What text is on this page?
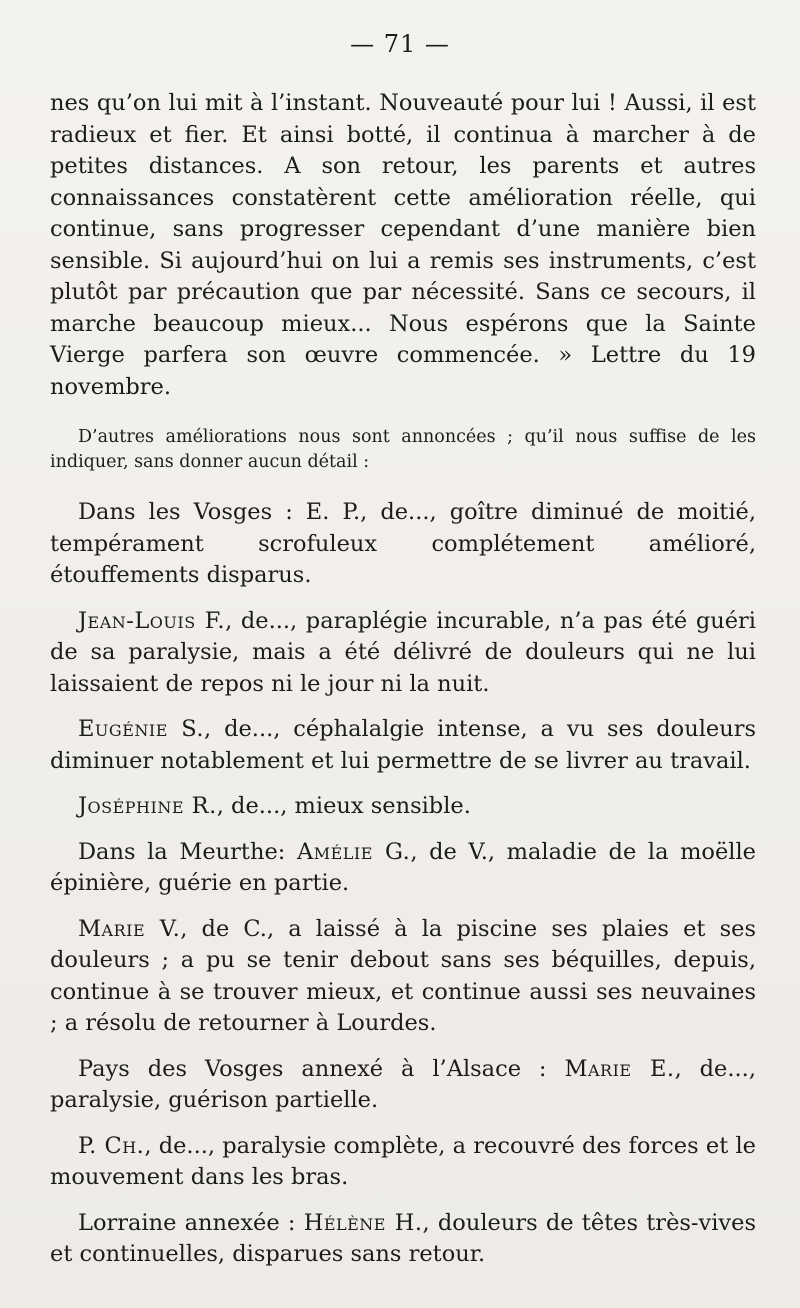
— 71 —

nes qu’on lui mit à l’instant. Nouveauté pour lui ! Aussi, il est radieux et fier. Et ainsi botté, il continua à marcher à de petites distances. A son retour, les parents et autres connaissances constatèrent cette amélioration réelle, qui continue, sans progresser cependant d’une manière bien sensible. Si aujourd’hui on lui a remis ses instruments, c’est plutôt par précaution que par nécessité. Sans ce secours, il marche beaucoup mieux... Nous espérons que la Sainte Vierge parfera son œuvre commencée. » Lettre du 19 novembre.

D’autres améliorations nous sont annoncées ; qu’il nous suffise de les indiquer, sans donner aucun détail :

Dans les Vosges : E. P., de..., goître diminué de moitié, tempérament scrofuleux complétement amélioré, étouffements disparus.

Jean-Louis F., de..., paraplégie incurable, n’a pas été guéri de sa paralysie, mais a été délivré de douleurs qui ne lui laissaient de repos ni le jour ni la nuit.

Eugénie S., de..., céphalalgie intense, a vu ses douleurs diminuer notablement et lui permettre de se livrer au travail.

Joséphine R., de..., mieux sensible.

Dans la Meurthe: Amélie G., de V., maladie de la moëlle épinière, guérie en partie.

Marie V., de C., a laissé à la piscine ses plaies et ses douleurs ; a pu se tenir debout sans ses béquilles, depuis, continue à se trouver mieux, et continue aussi ses neuvaines ; a résolu de retourner à Lourdes.

Pays des Vosges annexé à l’Alsace : Marie E., de..., paralysie, guérison partielle.

P. Ch., de..., paralysie complète, a recouvré des forces et le mouvement dans les bras.

Lorraine annexée : Hélène H., douleurs de têtes très-vives et continuelles, disparues sans retour.
